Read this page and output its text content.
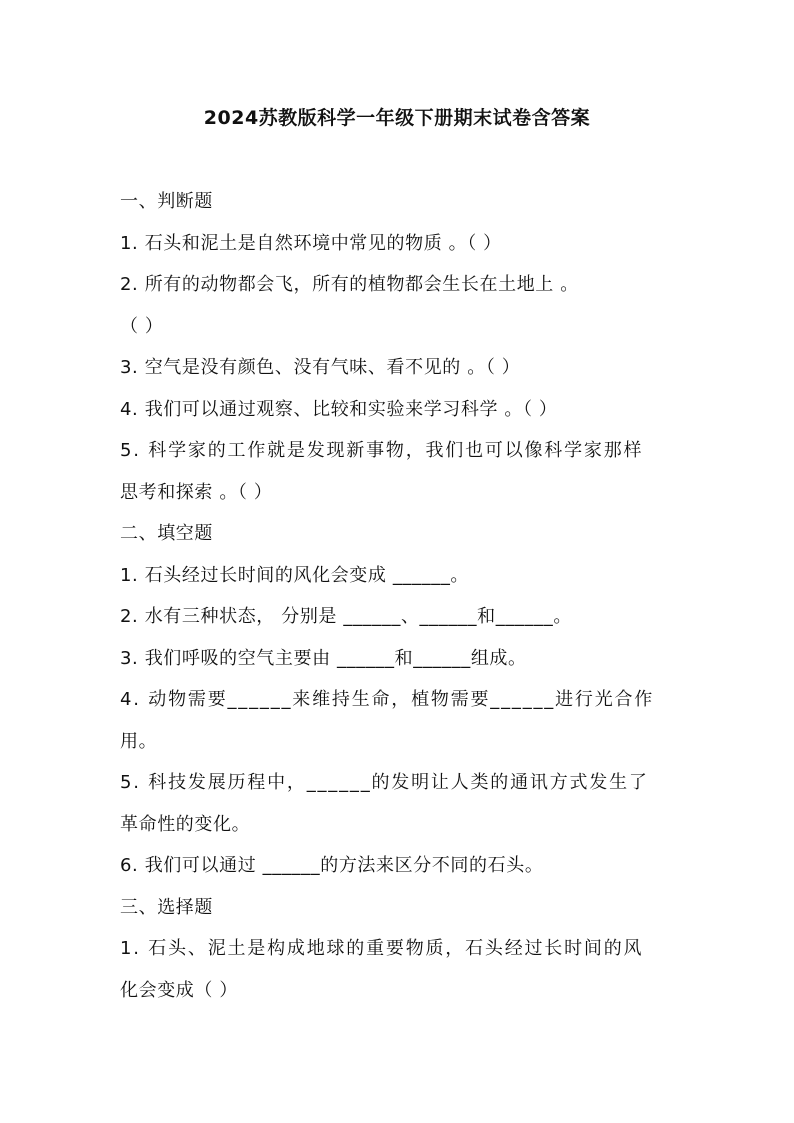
2024苏教版科学一年级下册期末试卷含答案
一、判断题
1. 石头和泥土是自然环境中常见的物质 。（ ）
2. 所有的动物都会飞，所有的植物都会生长在土地上 。
（ ）
3. 空气是没有颜色、没有气味、看不见的 。（ ）
4. 我们可以通过观察、比较和实验来学习科学 。（ ）
5. 科学家的工作就是发现新事物，我们也可以像科学家那样
思考和探索 。（ ）
二、填空题
1. 石头经过长时间的风化会变成 ______。
2. 水有三种状态， 分别是 ______、______和______。
3. 我们呼吸的空气主要由 ______和______组成。
4. 动物需要______来维持生命，植物需要______进行光合作
用。
5. 科技发展历程中，______的发明让人类的通讯方式发生了
革命性的变化。
6. 我们可以通过 ______的方法来区分不同的石头。
三、选择题
1. 石头、泥土是构成地球的重要物质，石头经过长时间的风
化会变成（ ）
